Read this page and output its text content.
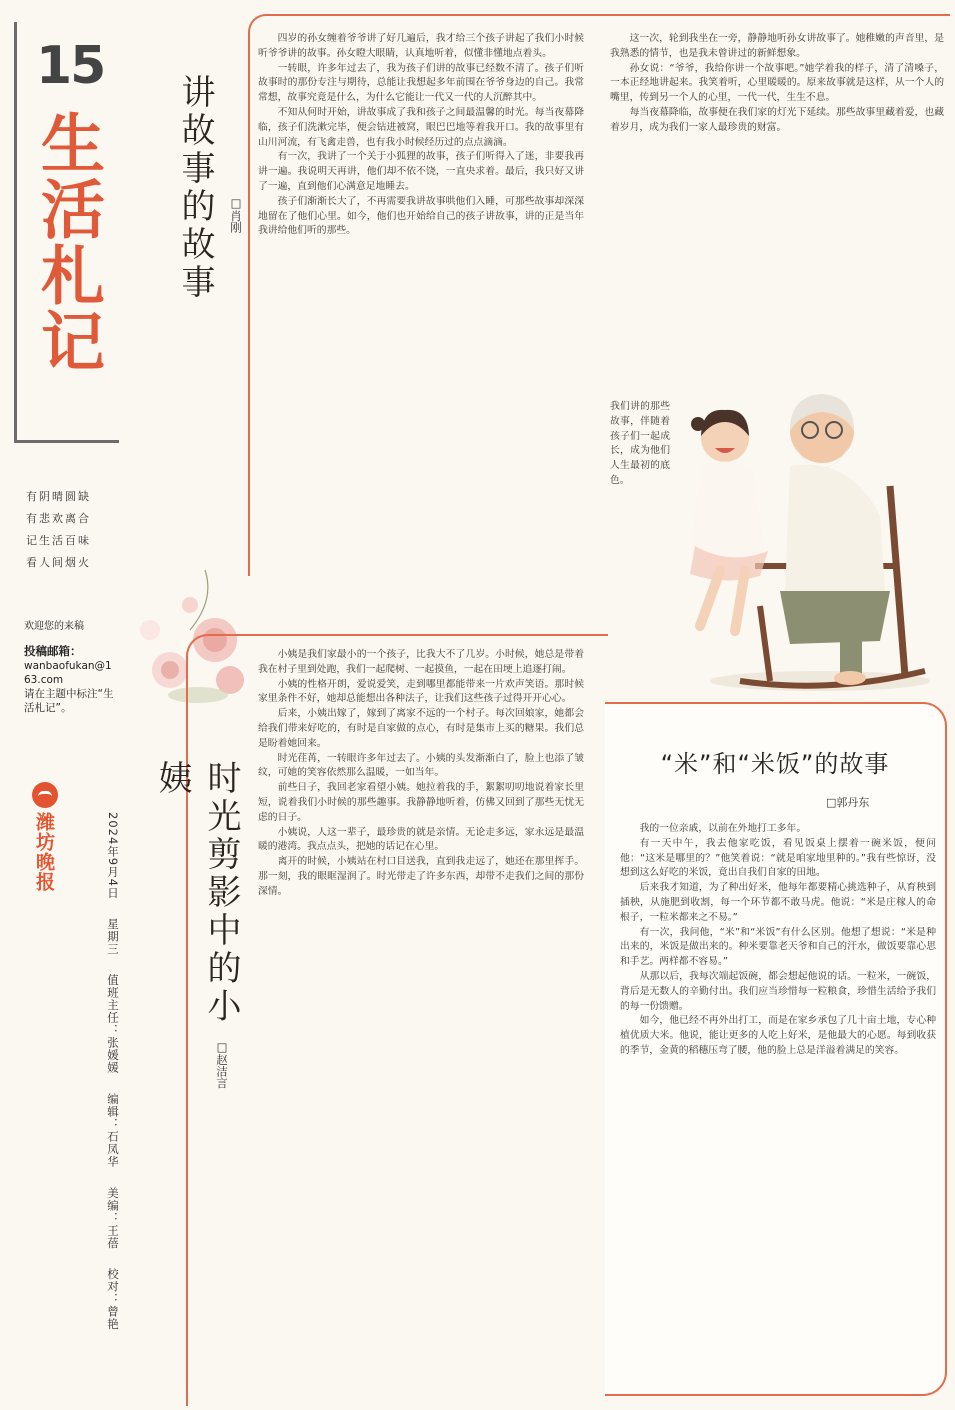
15
生活札记
有阴晴圆缺
有悲欢离合
记生活百味
看人间烟火
欢迎您的来稿
投稿邮箱：
wanbaofukan@163.com
请在主题中标注“生活札记”。
潍坊晚报	2024年9月4日 星期三 值班主任：张媛媛 编辑：石凤华 美编：王蓓 校对：曾艳
讲故事的故事	□肖刚

四岁的孙女缠着爷爷讲了好几遍后，我才给三个孩子讲起了我们小时候听爷爷讲的故事。孙女瞪大眼睛，认真地听着，似懂非懂地点着头。

一转眼，许多年过去了，我为孩子们讲的故事已经数不清了。孩子们听故事时的那份专注与期待，总能让我想起多年前围在爷爷身边的自己。我常常想，故事究竟是什么，为什么它能让一代又一代的人沉醉其中。

不知从何时开始，讲故事成了我和孩子之间最温馨的时光。每当夜幕降临，孩子们洗漱完毕，便会钻进被窝，眼巴巴地等着我开口。我的故事里有山川河流，有飞禽走兽，也有我小时候经历过的点点滴滴。

有一次，我讲了一个关于小狐狸的故事，孩子们听得入了迷，非要我再讲一遍。我说明天再讲，他们却不依不饶，一直央求着。最后，我只好又讲了一遍，直到他们心满意足地睡去。

孩子们渐渐长大了，不再需要我讲故事哄他们入睡，可那些故事却深深地留在了他们心里。如今，他们也开始给自己的孩子讲故事，讲的正是当年我讲给他们听的那些。

这一次，轮到我坐在一旁，静静地听孙女讲故事了。她稚嫩的声音里，是我熟悉的情节，也是我未曾讲过的新鲜想象。

孙女说：“爷爷，我给你讲一个故事吧。”她学着我的样子，清了清嗓子，一本正经地讲起来。我笑着听，心里暖暖的。原来故事就是这样，从一个人的嘴里，传到另一个人的心里，一代一代，生生不息。

每当夜幕降临，故事便在我们家的灯光下延续。那些故事里藏着爱，也藏着岁月，成为我们一家人最珍贵的财富。

我们讲的那些故事，伴随着孩子们一起成长，成为他们人生最初的底色。

时光剪影中的小姨
□赵洁言

小姨是我们家最小的一个孩子，比我大不了几岁。小时候，她总是带着我在村子里到处跑，我们一起爬树、一起摸鱼，一起在田埂上追逐打闹。

小姨的性格开朗，爱说爱笑，走到哪里都能带来一片欢声笑语。那时候家里条件不好，她却总能想出各种法子，让我们这些孩子过得开开心心。

后来，小姨出嫁了，嫁到了离家不远的一个村子。每次回娘家，她都会给我们带来好吃的，有时是自家做的点心，有时是集市上买的糖果。我们总是盼着她回来。

时光荏苒，一转眼许多年过去了。小姨的头发渐渐白了，脸上也添了皱纹，可她的笑容依然那么温暖，一如当年。

前些日子，我回老家看望小姨。她拉着我的手，絮絮叨叨地说着家长里短，说着我们小时候的那些趣事。我静静地听着，仿佛又回到了那些无忧无虑的日子。

小姨说，人这一辈子，最珍贵的就是亲情。无论走多远，家永远是最温暖的港湾。我点点头，把她的话记在心里。

离开的时候，小姨站在村口目送我，直到我走远了，她还在那里挥手。那一刻，我的眼眶湿润了。时光带走了许多东西，却带不走我们之间的那份深情。

“米”和“米饭”的故事
□郭丹东

我的一位亲戚，以前在外地打工多年。

有一天中午，我去他家吃饭，看见饭桌上摆着一碗米饭，便问他：“这米是哪里的？”他笑着说：“就是咱家地里种的。”我有些惊讶，没想到这么好吃的米饭，竟出自我们自家的田地。

后来我才知道，为了种出好米，他每年都要精心挑选种子，从育秧到插秧，从施肥到收割，每一个环节都不敢马虎。他说：“米是庄稼人的命根子，一粒米都来之不易。”

有一次，我问他，“米”和“米饭”有什么区别。他想了想说：“米是种出来的，米饭是做出来的。种米要靠老天爷和自己的汗水，做饭要靠心思和手艺。两样都不容易。”

从那以后，我每次端起饭碗，都会想起他说的话。一粒米，一碗饭，背后是无数人的辛勤付出。我们应当珍惜每一粒粮食，珍惜生活给予我们的每一份馈赠。

如今，他已经不再外出打工，而是在家乡承包了几十亩土地，专心种植优质大米。他说，能让更多的人吃上好米，是他最大的心愿。每到收获的季节，金黄的稻穗压弯了腰，他的脸上总是洋溢着满足的笑容。
